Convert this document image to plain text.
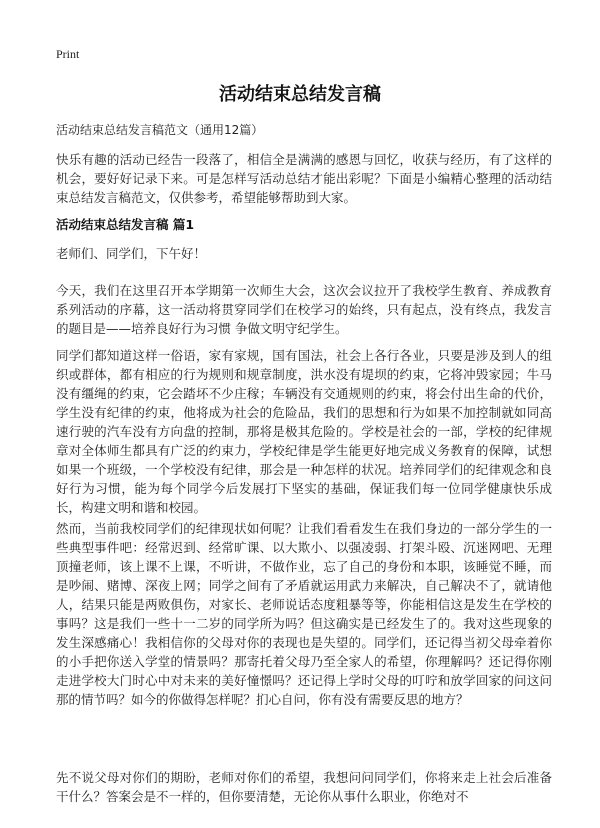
Print
活动结束总结发言稿
活动结束总结发言稿范文（通用12篇）

快乐有趣的活动已经告一段落了，相信全是满满的感恩与回忆，收获与经历，有了这样的机会，要好好记录下来。可是怎样写活动总结才能出彩呢？下面是小编精心整理的活动结束总结发言稿范文，仅供参考，希望能够帮助到大家。

活动结束总结发言稿 篇1

老师们、同学们，下午好！

今天，我们在这里召开本学期第一次师生大会，这次会议拉开了我校学生教育、养成教育系列活动的序幕，这一活动将贯穿同学们在校学习的始终，只有起点，没有终点，我发言的题目是——培养良好行为习惯 争做文明守纪学生。

同学们都知道这样一俗语，家有家规，国有国法，社会上各行各业，只要是涉及到人的组织或群体，都有相应的行为规则和规章制度，洪水没有堤坝的约束，它将冲毁家园；牛马没有缰绳的约束，它会踏坏不少庄稼；车辆没有交通规则的约束，将会付出生命的代价，学生没有纪律的约束，他将成为社会的危险品，我们的思想和行为如果不加控制就如同高速行驶的汽车没有方向盘的控制，那将是极其危险的。学校是社会的一部，学校的纪律规章对全体师生都具有广泛的约束力，学校纪律是学生能更好地完成义务教育的保障，试想如果一个班级，一个学校没有纪律，那会是一种怎样的状况。培养同学们的纪律观念和良好行为习惯，能为每个同学今后发展打下坚实的基础，保证我们每一位同学健康快乐成长，构建文明和谐和校园。

然而，当前我校同学们的纪律现状如何呢？让我们看看发生在我们身边的一部分学生的一些典型事件吧：经常迟到、经常旷课、以大欺小、以强凌弱、打架斗殴、沉迷网吧、无理顶撞老师，该上课不上课，不听讲，不做作业，忘了自己的身份和本职，该睡觉不睡，而是吵闹、赌博、深夜上网；同学之间有了矛盾就运用武力来解决，自己解决不了，就请他人，结果只能是两败俱伤，对家长、老师说话态度粗暴等等，你能相信这是发生在学校的事吗？这是我们一些十一二岁的同学所为吗？但这确实是已经发生了的。我对这些现象的发生深感痛心！我相信你的父母对你的表现也是失望的。同学们，还记得当初父母牵着你的小手把你送入学堂的情景吗？那寄托着父母乃至全家人的希望，你理解吗？还记得你刚走进学校大门时心中对未来的美好憧憬吗？还记得上学时父母的叮咛和放学回家的问这问那的情节吗？如今的你做得怎样呢？扪心自问，你有没有需要反思的地方？

先不说父母对你们的期盼，老师对你们的希望，我想问问同学们，你将来走上社会后准备干什么？答案会是不一样的，但你要清楚，无论你从事什么职业，你绝对不
